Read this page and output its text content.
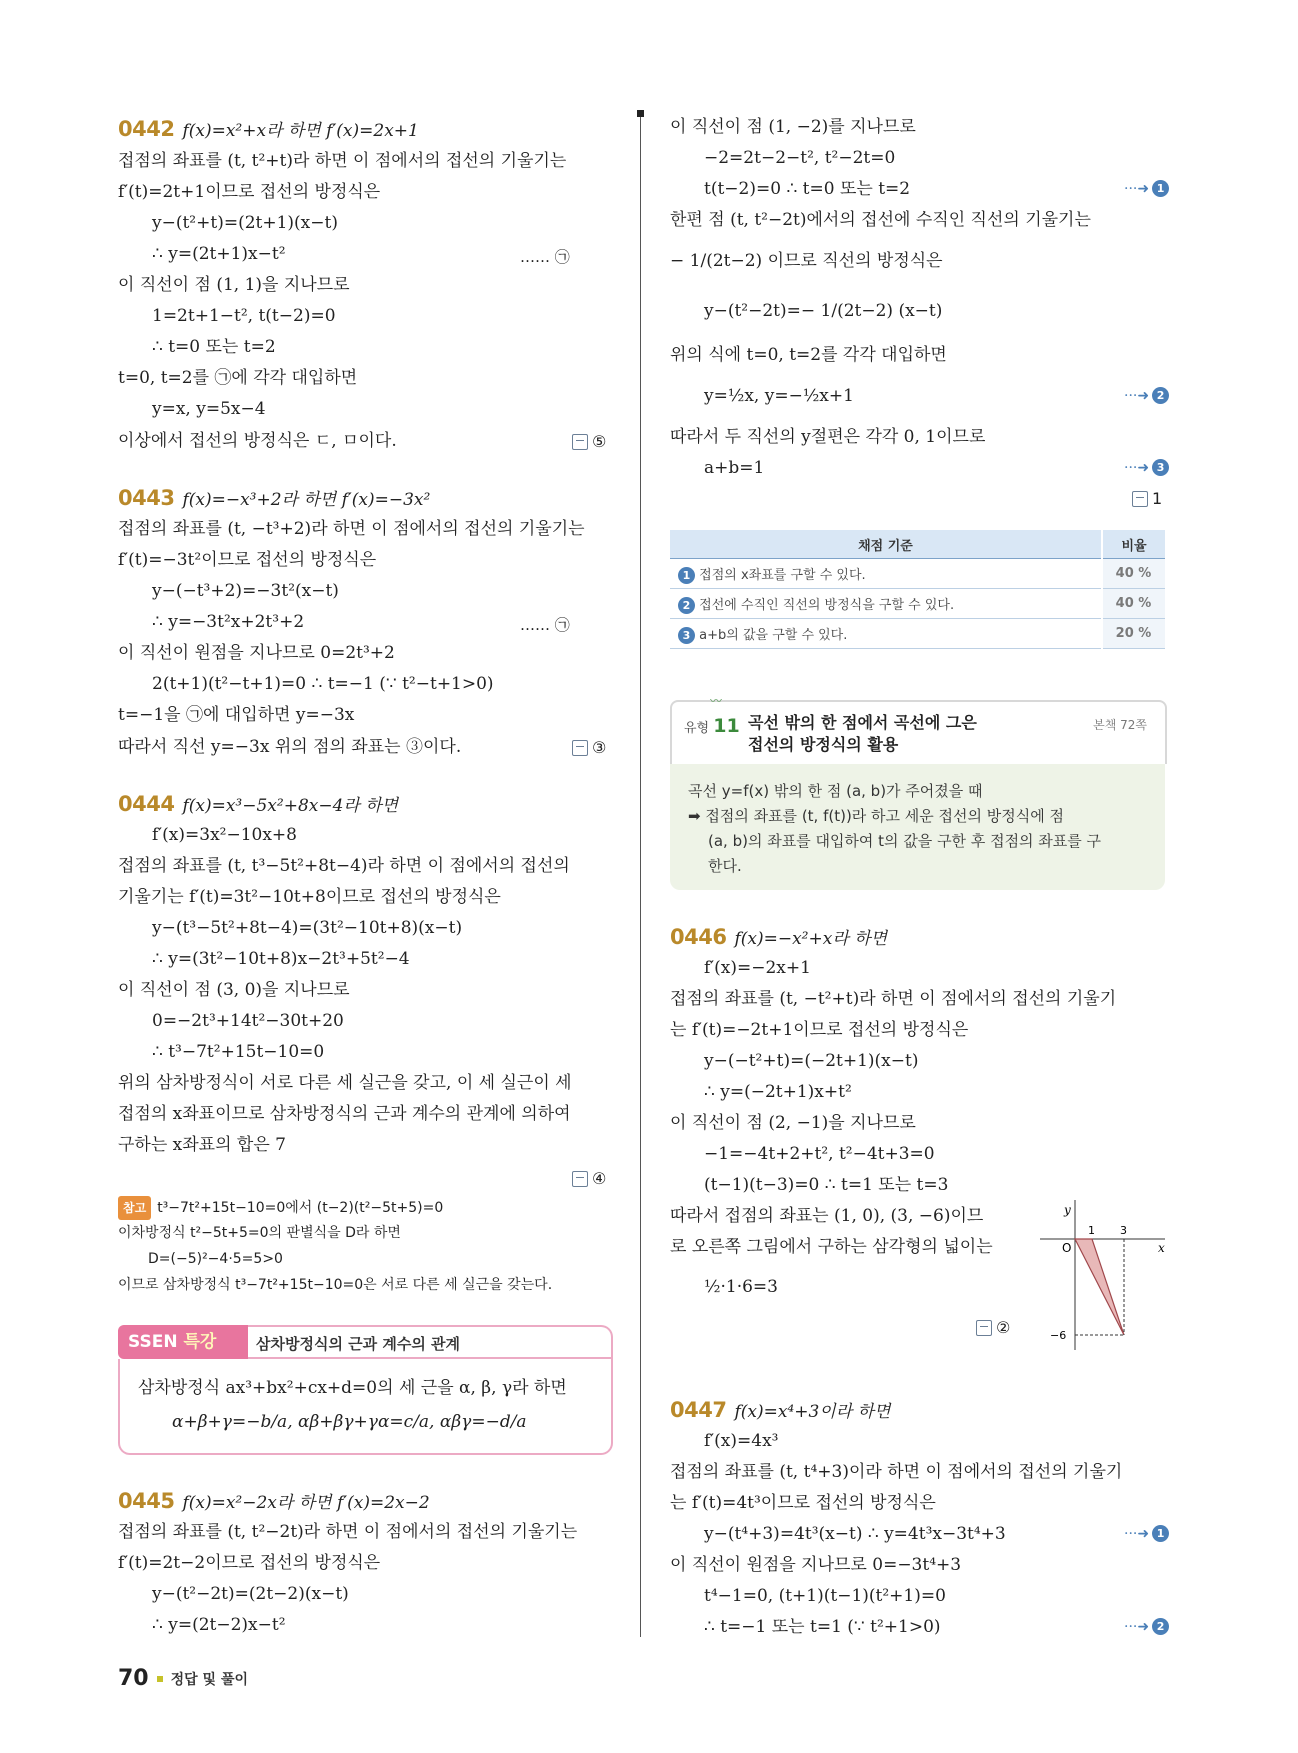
0442 f(x)=x²+x라 하면 f′(x)=2x+1
접점의 좌표를 (t, t²+t)라 하면 이 점에서의 접선의 기울기는
f′(t)=2t+1이므로 접선의 방정식은
y−(t²+t)=(2t+1)(x−t)
∴ y=(2t+1)x−t²	…… ㉠
이 직선이 점 (1, 1)을 지나므로
1=2t+1−t², t(t−2)=0
∴ t=0 또는 t=2
t=0, t=2를 ㉠에 각각 대입하면
y=x, y=5x−4
이상에서 접선의 방정식은 ㄷ, ㅁ이다.	⑤
0443 f(x)=−x³+2라 하면 f′(x)=−3x²
접점의 좌표를 (t, −t³+2)라 하면 이 점에서의 접선의 기울기는
f′(t)=−3t²이므로 접선의 방정식은
y−(−t³+2)=−3t²(x−t)
∴ y=−3t²x+2t³+2	…… ㉠
이 직선이 원점을 지나므로 0=2t³+2
2(t+1)(t²−t+1)=0 ∴ t=−1 (∵ t²−t+1>0)
t=−1을 ㉠에 대입하면 y=−3x
따라서 직선 y=−3x 위의 점의 좌표는 ③이다.	③
0444 f(x)=x³−5x²+8x−4라 하면
f′(x)=3x²−10x+8
접점의 좌표를 (t, t³−5t²+8t−4)라 하면 이 점에서의 접선의
기울기는 f′(t)=3t²−10t+8이므로 접선의 방정식은
y−(t³−5t²+8t−4)=(3t²−10t+8)(x−t)
∴ y=(3t²−10t+8)x−2t³+5t²−4
이 직선이 점 (3, 0)을 지나므로
0=−2t³+14t²−30t+20
∴ t³−7t²+15t−10=0
위의 삼차방정식이 서로 다른 세 실근을 갖고, 이 세 실근이 세
접점의 x좌표이므로 삼차방정식의 근과 계수의 관계에 의하여
구하는 x좌표의 합은 7
④
참고 t³−7t²+15t−10=0에서 (t−2)(t²−5t+5)=0
이차방정식 t²−5t+5=0의 판별식을 D라 하면
D=(−5)²−4·5=5>0
이므로 삼차방정식 t³−7t²+15t−10=0은 서로 다른 세 실근을 갖는다.
삼차방정식의 근과 계수의 관계
SSEN 특강
삼차방정식 ax³+bx²+cx+d=0의 세 근을 α, β, γ라 하면
α+β+γ=−b/a, αβ+βγ+γα=c/a, αβγ=−d/a
0445 f(x)=x²−2x라 하면 f′(x)=2x−2
접점의 좌표를 (t, t²−2t)라 하면 이 점에서의 접선의 기울기는
f′(t)=2t−2이므로 접선의 방정식은
y−(t²−2t)=(2t−2)(x−t)
∴ y=(2t−2)x−t²
70 정답 및 풀이
이 직선이 점 (1, −2)를 지나므로
−2=2t−2−t², t²−2t=0
t(t−2)=0 ∴ t=0 또는 t=2	···➜ 1
한편 점 (t, t²−2t)에서의 접선에 수직인 직선의 기울기는
− 1/(2t−2) 이므로 직선의 방정식은
y−(t²−2t)=− 1/(2t−2) (x−t)
위의 식에 t=0, t=2를 각각 대입하면
y=½x, y=−½x+1	···➜ 2
따라서 두 직선의 y절편은 각각 0, 1이므로
a+b=1	···➜ 3
1
채점 기준	비율
1 접점의 x좌표를 구할 수 있다.	40 %
2 접선에 수직인 직선의 방정식을 구할 수 있다.	40 %
3 a+b의 값을 구할 수 있다.	20 %
〰
유형 11 곡선 밖의 한 점에서 곡선에 그은
접선의 방정식의 활용
본책 72쪽
곡선 y=f(x) 밖의 한 점 (a, b)가 주어졌을 때
➡ 접점의 좌표를 (t, f(t))라 하고 세운 접선의 방정식에 점
(a, b)의 좌표를 대입하여 t의 값을 구한 후 접점의 좌표를 구
한다.
0446 f(x)=−x²+x라 하면
f′(x)=−2x+1
접점의 좌표를 (t, −t²+t)라 하면 이 점에서의 접선의 기울기
는 f′(t)=−2t+1이므로 접선의 방정식은
y−(−t²+t)=(−2t+1)(x−t)
∴ y=(−2t+1)x+t²
이 직선이 점 (2, −1)을 지나므로
−1=−4t+2+t², t²−4t+3=0
(t−1)(t−3)=0 ∴ t=1 또는 t=3
따라서 접점의 좌표는 (1, 0), (3, −6)이므
로 오른쪽 그림에서 구하는 삼각형의 넓이는
½·1·6=3
②
y
x
O
1 3
−6
0447 f(x)=x⁴+3이라 하면
f′(x)=4x³
접점의 좌표를 (t, t⁴+3)이라 하면 이 점에서의 접선의 기울기
는 f′(t)=4t³이므로 접선의 방정식은
y−(t⁴+3)=4t³(x−t) ∴ y=4t³x−3t⁴+3	···➜ 1
이 직선이 원점을 지나므로 0=−3t⁴+3
t⁴−1=0, (t+1)(t−1)(t²+1)=0
∴ t=−1 또는 t=1 (∵ t²+1>0)	···➜ 2
